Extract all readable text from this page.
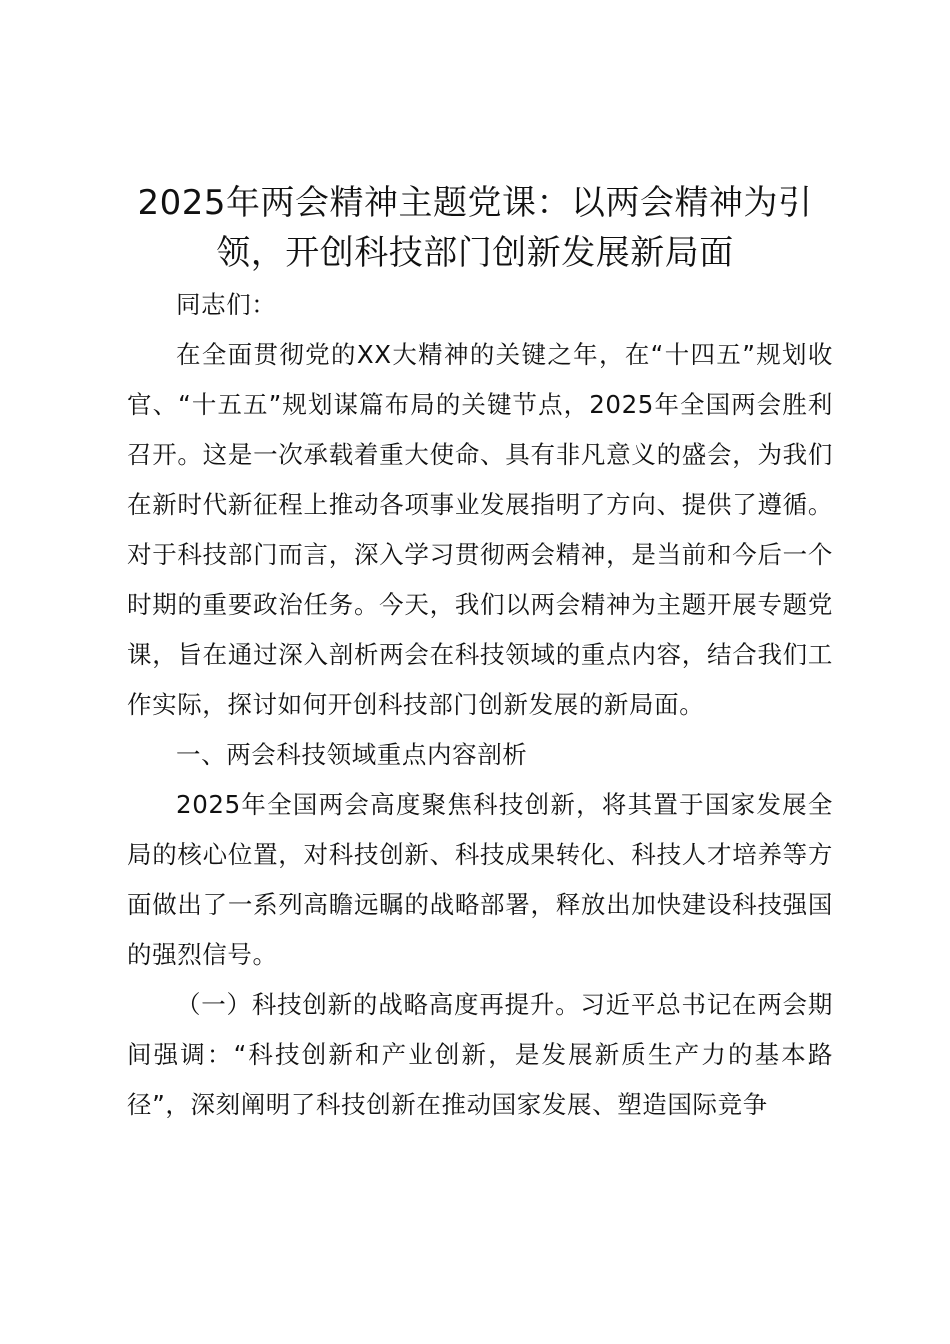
2025年两会精神主题党课：以两会精神为引领，开创科技部门创新发展新局面

同志们：

在全面贯彻党的XX大精神的关键之年，在“十四五”规划收官、“十五五”规划谋篇布局的关键节点，2025年全国两会胜利召开。这是一次承载着重大使命、具有非凡意义的盛会，为我们在新时代新征程上推动各项事业发展指明了方向、提供了遵循。对于科技部门而言，深入学习贯彻两会精神，是当前和今后一个时期的重要政治任务。今天，我们以两会精神为主题开展专题党课，旨在通过深入剖析两会在科技领域的重点内容，结合我们工作实际，探讨如何开创科技部门创新发展的新局面。

一、两会科技领域重点内容剖析

2025年全国两会高度聚焦科技创新，将其置于国家发展全局的核心位置，对科技创新、科技成果转化、科技人才培养等方面做出了一系列高瞻远瞩的战略部署，释放出加快建设科技强国的强烈信号。

（一）科技创新的战略高度再提升。习近平总书记在两会期间强调：“科技创新和产业创新，是发展新质生产力的基本路径”，深刻阐明了科技创新在推动国家发展、塑造国际竞争
